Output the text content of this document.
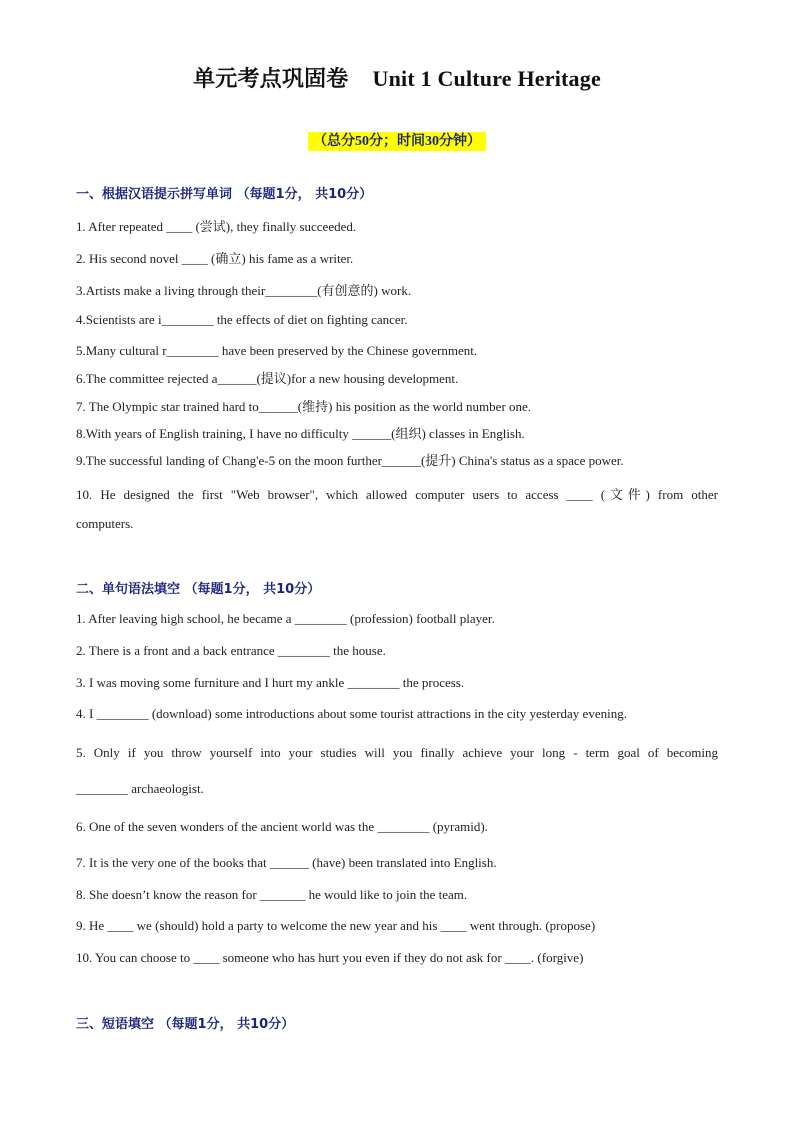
单元考点巩固卷 Unit 1 Culture Heritage
（总分50分；时间30分钟）
一、根据汉语提示拼写单词 （每题1分， 共10分）
1. After repeated ____ (尝试), they finally succeeded.
2. His second novel ____ (确立) his fame as a writer.
3.Artists make a living through their________(有创意的) work.
4.Scientists are i________ the effects of diet on fighting cancer.
5.Many cultural r________ have been preserved by the Chinese government.
6.The committee rejected a______(提议)for a new housing development.
7. The Olympic star trained hard to______(维持) his position as the world number one.
8.With years of English training, I have no difficulty ______(组织) classes in English.
9.The successful landing of Chang'e-5 on the moon further______(提升) China's status as a space power.
10. He designed the first "Web browser", which allowed computer users to access ____ (文件) from other
computers.
二、单句语法填空 （每题1分， 共10分）
1. After leaving high school, he became a ________ (profession) football player.
2. There is a front and a back entrance ________ the house.
3. I was moving some furniture and I hurt my ankle ________ the process.
4. I ________ (download) some introductions about some tourist attractions in the city yesterday evening.
5. Only if you throw yourself into your studies will you finally achieve your long - term goal of becoming
________ archaeologist.
6. One of the seven wonders of the ancient world was the ________ (pyramid).
7. It is the very one of the books that ______ (have) been translated into English.
8. She doesn’t know the reason for _______ he would like to join the team.
9. He ____ we (should) hold a party to welcome the new year and his ____ went through. (propose)
10. You can choose to ____ someone who has hurt you even if they do not ask for ____. (forgive)
三、短语填空 （每题1分， 共10分）
